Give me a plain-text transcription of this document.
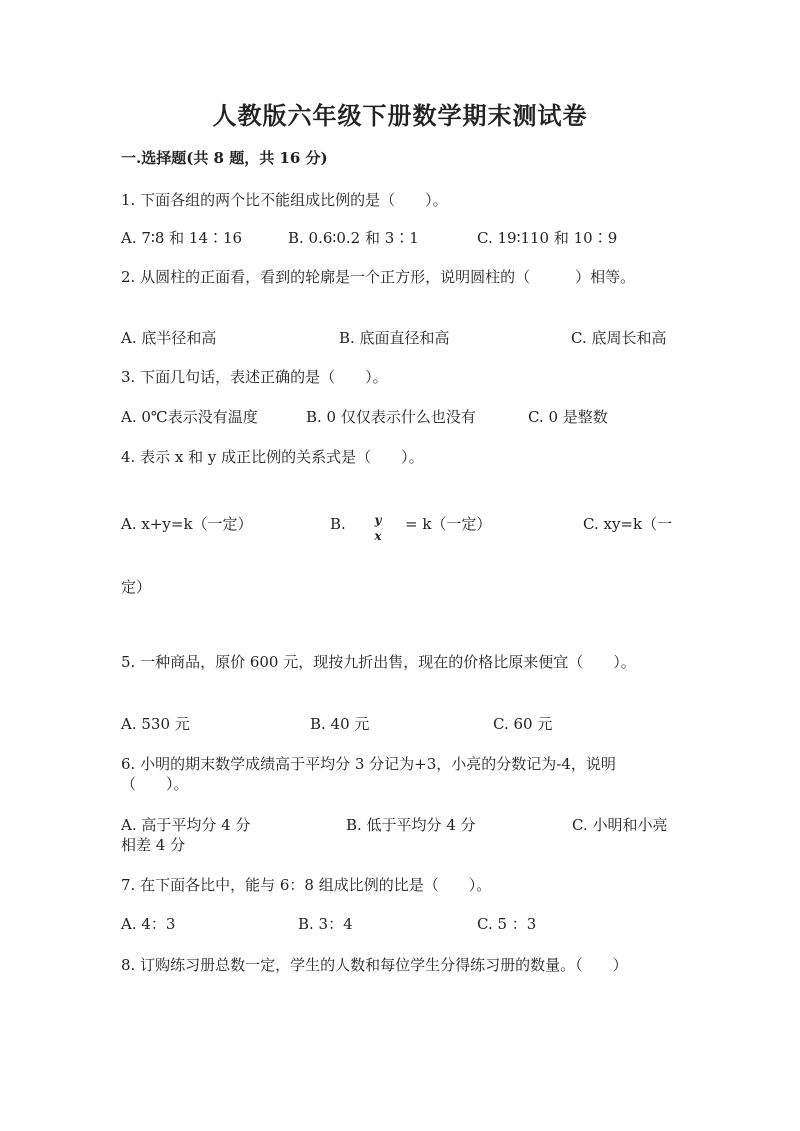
人教版六年级下册数学期末测试卷
一.选择题(共 8 题，共 16 分)
1. 下面各组的两个比不能组成比例的是（　　）。
A. 7∶8 和 14∶16	B. 0.6∶0.2 和 3∶1	C. 19∶110 和 10∶9
2. 从圆柱的正面看，看到的轮廓是一个正方形，说明圆柱的（　　　）相等。
A. 底半径和高	B. 底面直径和高	C. 底周长和高
3. 下面几句话，表述正确的是（　　）。
A. 0℃表示没有温度	B. 0 仅仅表示什么也没有	C. 0 是整数
4. 表示 x 和 y 成正比例的关系式是（　　）。
A. x+y=k（一定）	B. y
x
= k（一定）	C. xy=k（一
定）
5. 一种商品，原价 600 元，现按九折出售，现在的价格比原来便宜（　　）。
A. 530 元	B. 40 元	C. 60 元
6. 小明的期末数学成绩高于平均分 3 分记为+3，小亮的分数记为-4，说明
（　　）。
A. 高于平均分 4 分	B. 低于平均分 4 分	C. 小明和小亮
相差 4 分
7. 在下面各比中，能与 6：8 组成比例的比是（　　）。
A. 4：3	B. 3：4	C. 5 ：3
8. 订购练习册总数一定，学生的人数和每位学生分得练习册的数量。（　　）
